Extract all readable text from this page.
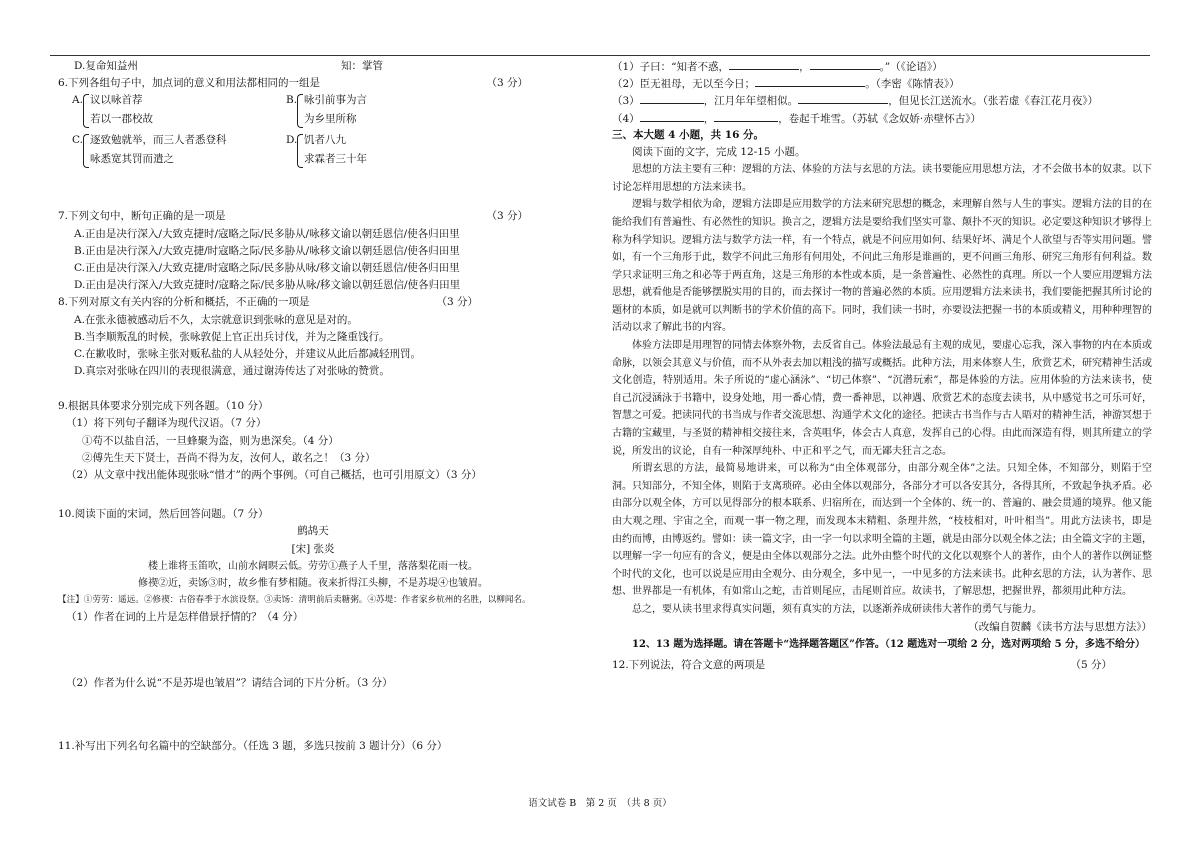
D.复命知益州	知：掌管
6.下列各组句子中，加点词的意义和用法都相同的一组是	（3 分）
A. 议以咏首荐
若以一郡校故
B. 咏引前事为言
为乡里所称
C. 逐致勉就举，而三人者悉登科
咏悉宽其罚而遣之
D. 饥者八九
求霖者三十年
7.下列文句中，断句正确的是一项是	（3 分）
A.正由是决行深入/大致克捷时/寇略之际/民多胁从/咏移文谕以朝廷恩信/使各归田里
B.正由是决行深入/大致克捷/时寇略之际/民多胁从/咏移文谕以朝廷恩信/使各归田里
C.正由是决行深入/大致克捷/时寇略之际/民多胁从咏/移文谕以朝廷恩信/使各归田里
D.正由是决行深入/大致克捷时/寇略之际/民多胁从咏/移文谕以朝廷恩信/使各归田里
8.下列对原文有关内容的分析和概括，不正确的一项是	（3 分）
A.在张永德被感动后不久，太宗就意识到张咏的意见是对的。
B.当李顺叛乱的时候，张咏敦促上官正出兵讨伐，并为之隆重饯行。
C.在歉收时，张咏主张对贩私盐的人从轻处分，并建议从此后都减轻刑罚。
D.真宗对张咏在四川的表现很满意，通过谢涛传达了对张咏的赞赏。
9.根据具体要求分别完成下列各题。（10 分）
（1）将下列句子翻译为现代汉语。（7 分）
①苟不以盐自活，一旦蜂聚为盗，则为患深矣。（4 分）
②傅先生天下贤士，吾尚不得为友，汝何人，敢名之！（3 分）
（2）从文章中找出能体现张咏“惜才”的两个事例。（可自己概括，也可引用原文）（3 分）
10.阅读下面的宋词，然后回答问题。（7 分）
鹧鸪天
[宋] 张炎
楼上谁将玉笛吹，山前水阔暝云低。劳劳①燕子人千里，落落梨花雨一枝。
修禊②近，卖饧③时，故乡惟有梦相随。夜来折得江头柳，不是苏堤④也皱眉。
【注】①劳劳：遥远。②修禊：古俗春季于水滨设祭。③卖饧：清明前后卖糖粥。④苏堤：作者家乡杭州的名胜，以柳闻名。
（1）作者在词的上片是怎样借景抒情的？（4 分）
（2）作者为什么说“不是苏堤也皱眉”？请结合词的下片分析。（3 分）
11.补写出下列名句名篇中的空缺部分。（任选 3 题，多选只按前 3 题计分）（6 分）
（1）子曰：“知者不惑，	，	。”（《论语》）
（2）臣无祖母，无以至今日；	。（李密《陈情表》）
（3）	，江月年年望相似。	，但见长江送流水。（张若虚《春江花月夜》）
（4）	，	，卷起千堆雪。（苏轼《念奴娇·赤壁怀古》）
三、本大题 4 小题，共 16 分。
阅读下面的文字，完成 12-15 小题。
思想的方法主要有三种：逻辑的方法、体验的方法与玄思的方法。读书要能应用思想方法，才不会做书本的奴隶。以下讨论怎样用思想的方法来读书。
逻辑与数学相依为命，逻辑方法即是应用数学的方法来研究思想的概念，来理解自然与人生的事实。逻辑方法的目的在能给我们有普遍性、有必然性的知识。换言之，逻辑方法是要给我们坚实可靠、颠扑不灭的知识。必定要这种知识才够得上称为科学知识。逻辑方法与数学方法一样，有一个特点，就是不问应用如何、结果好坏、满足个人欲望与否等实用问题。譬如，有一个三角形于此，数学不问此三角形有何用处，不问此三角形是谁画的，更不问画三角形、研究三角形有何利益。数学只求证明三角之和必等于两直角，这是三角形的本性或本质，是一条普遍性、必然性的真理。所以一个人要应用逻辑方法思想，就看他是否能够摆脱实用的目的，而去探讨一物的普遍必然的本质。应用逻辑方法来读书，我们要能把握其所讨论的题材的本质，如是就可以判断书的学术价值的高下。同时，我们读一书时，亦要设法把握一书的本质或精义，用种种理智的活动以求了解此书的内容。
体验方法即是用理智的同情去体察外物，去反省自己。体验法最忌有主观的成见，要虚心忘我，深入事物的内在本质或命脉，以领会其意义与价值，而不从外表去加以粗浅的描写或概括。此种方法，用来体察人生，欣赏艺术，研究精神生活或文化创造，特别适用。朱子所说的“虚心涵泳”、“切己体察”、“沉潜玩索”，都是体验的方法。应用体验的方法来读书，使自己沉浸涵泳于书籍中，设身处地，用一番心情，费一番神思，以神遇、欣赏艺术的态度去读书，从中感觉书之可乐可好，智慧之可爱。把读同代的书当成与作者交流思想、沟通学术文化的途径。把读古书当作与古人晤对的精神生活，神游冥想于古籍的宝藏里，与圣贤的精神相交接往来，含英咀华，体会古人真意，发挥自己的心得。由此而深造有得，则其所建立的学说，所发出的议论，自有一种深厚纯朴、中正和平之气，而无鄙夫狂言之态。
所谓玄思的方法，最简易地讲来，可以称为“由全体观部分，由部分观全体”之法。只知全体，不知部分，则陷于空洞。只知部分，不知全体，则陷于支离琐碎。必由全体以观部分，各部分才可以各安其分，各得其所，不致起争执矛盾。必由部分以观全体，方可以见得部分的根本联系、归宿所在，而达到一个全体的、统一的、普遍的、融会贯通的境界。他又能由大观之理、宇宙之全，而观一事一物之理，而发现本末精粗、条理井然，“枝枝相对，叶叶相当”。用此方法读书，即是由约而博，由博返约。譬如：读一篇文字，由一字一句以求明全篇的主题，就是由部分以观全体之法；由全篇文字的主题，以理解一字一句应有的含义，便是由全体以观部分之法。此外由整个时代的文化以观察个人的著作，由个人的著作以例证整个时代的文化，也可以说是应用由全观分、由分观全，多中见一，一中见多的方法来读书。此种玄思的方法，认为著作、思想、世界都是一有机体，有如常山之蛇，击首则尾应，击尾则首应。故读书，了解思想，把握世界，都须用此种方法。
总之，要从读书里求得真实问题，须有真实的方法，以逐渐养成研读伟大著作的勇气与能力。
（改编自贺麟《读书方法与思想方法》）
12、13 题为选择题。请在答题卡“选择题答题区”作答。（12 题选对一项给 2 分，选对两项给 5 分，多选不给分）
12.下列说法，符合文意的两项是	（5 分）
语文试卷 B　第 2 页　（共 8 页）
